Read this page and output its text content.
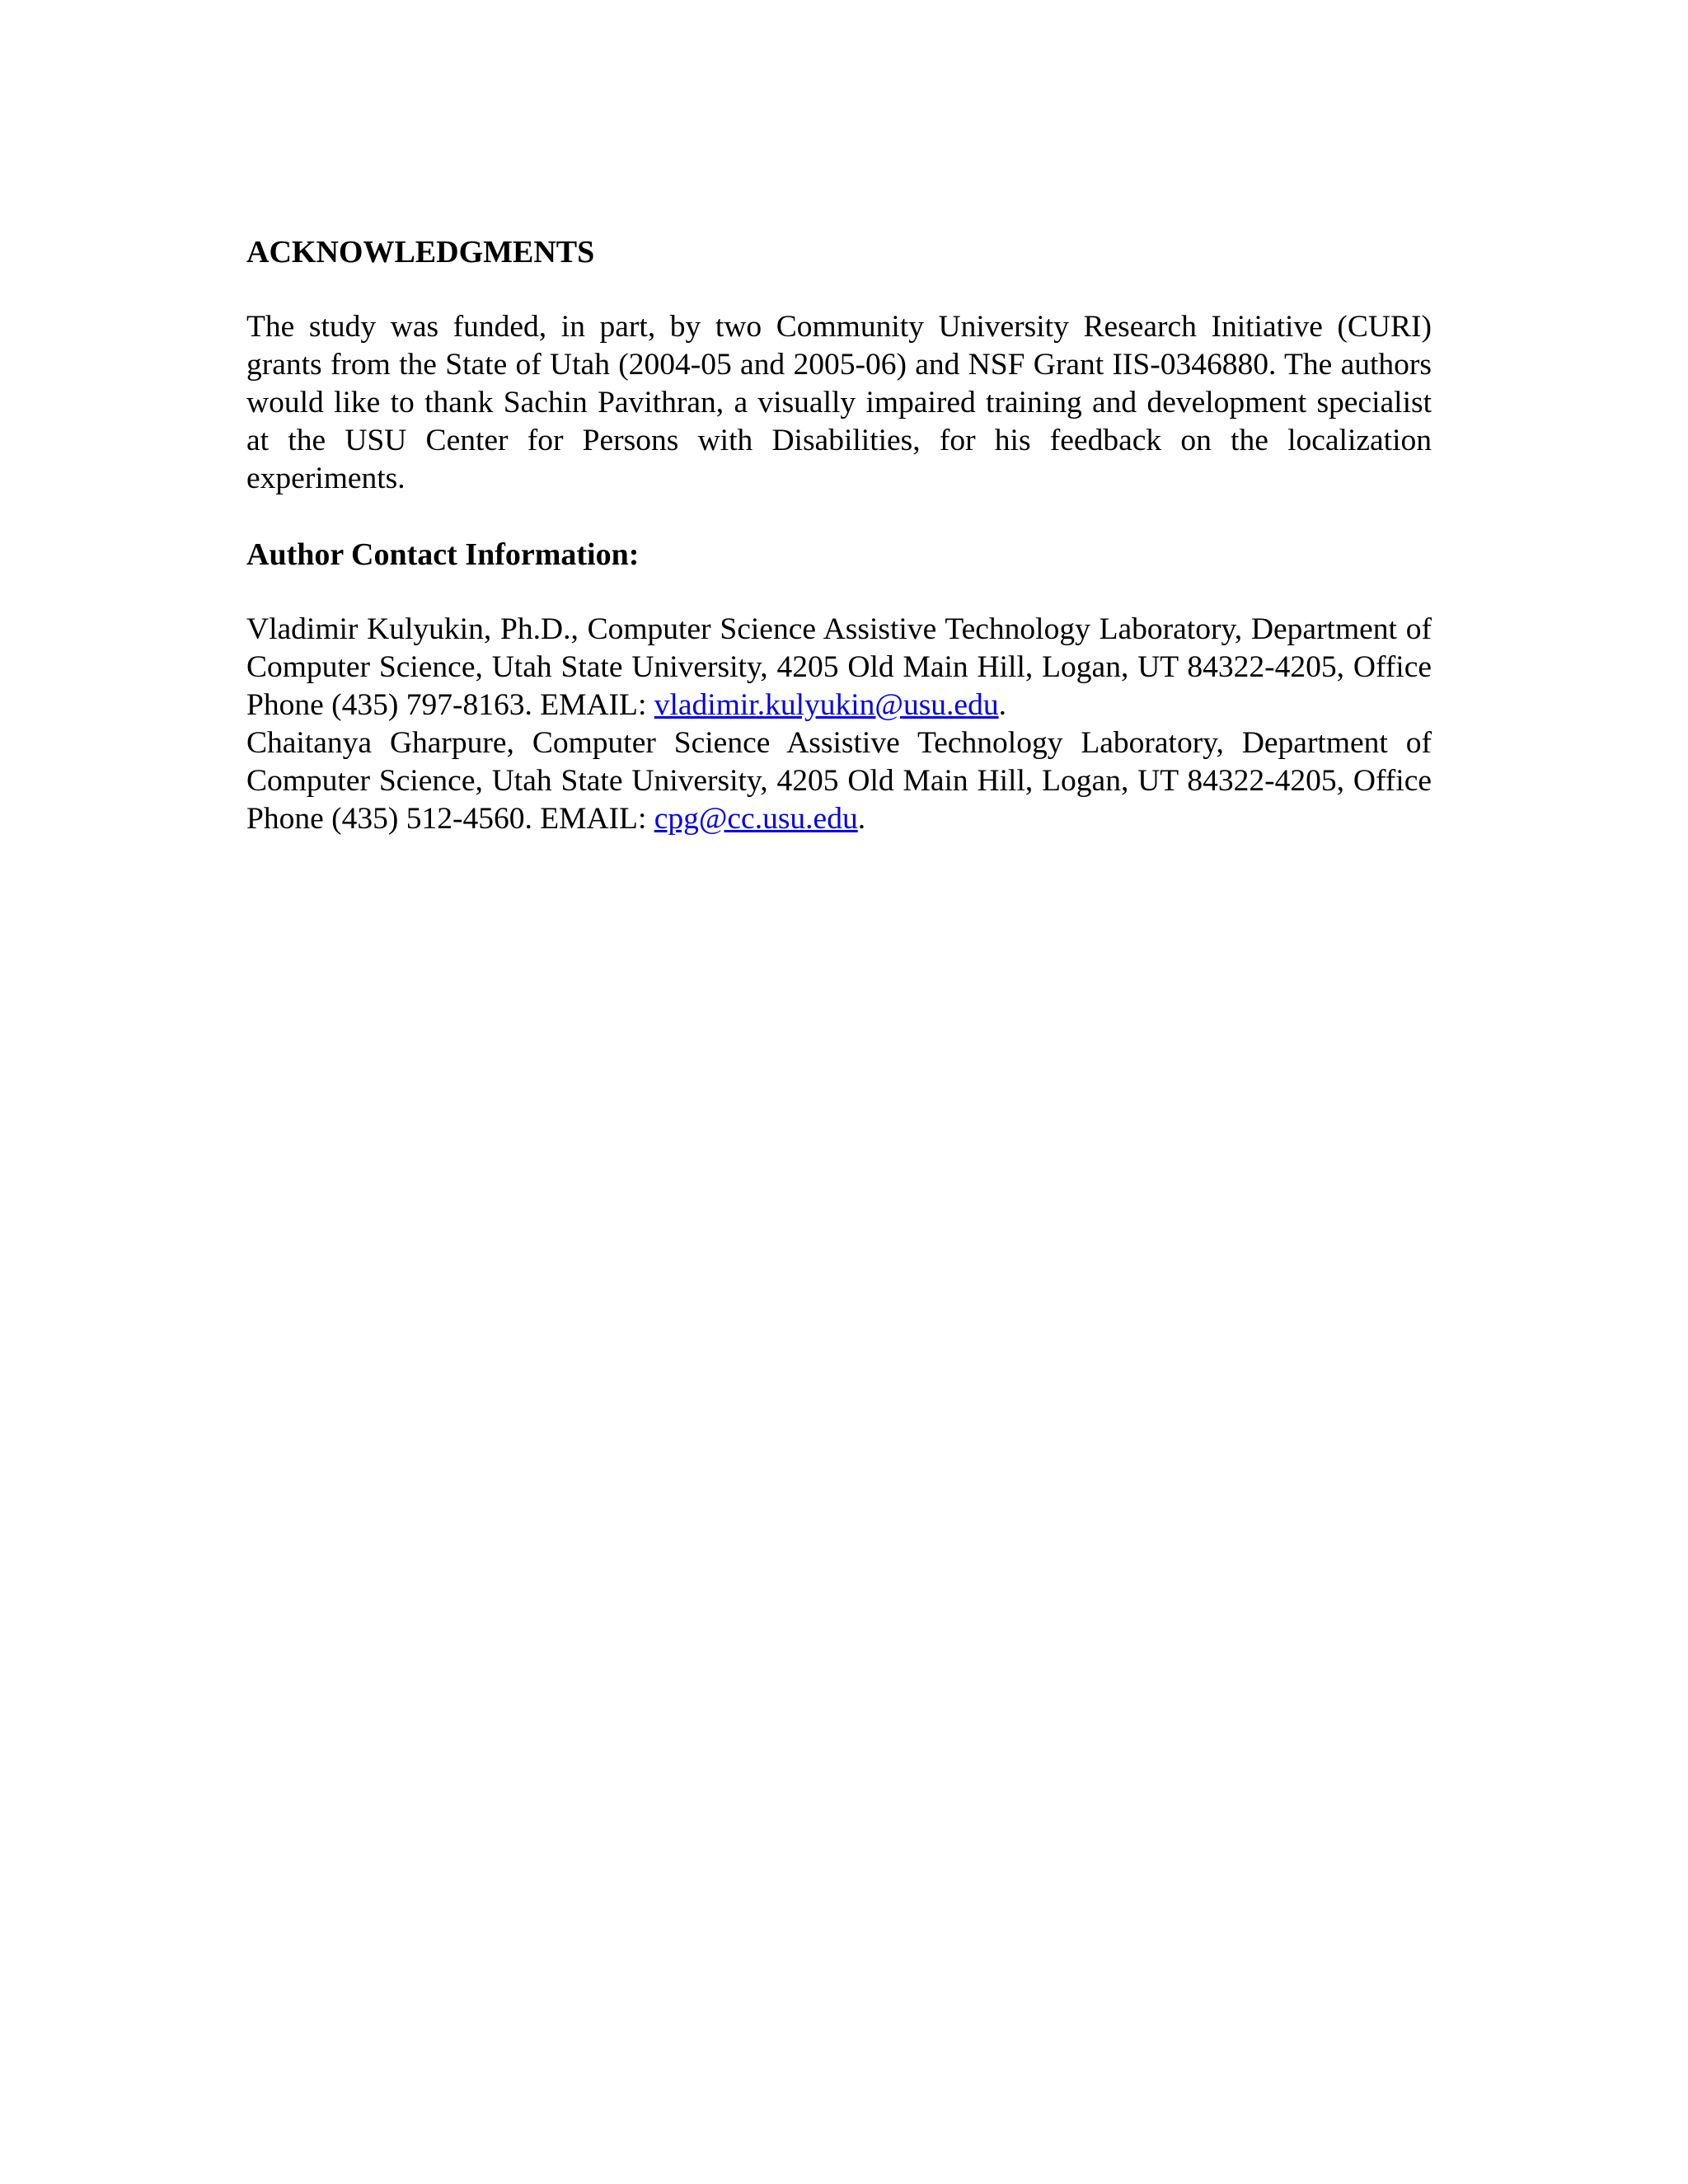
ACKNOWLEDGMENTS

The study was funded, in part, by two Community University Research Initiative (CURI) grants from the State of Utah (2004-05 and 2005-06) and NSF Grant IIS-0346880. The authors would like to thank Sachin Pavithran, a visually impaired training and development specialist at the USU Center for Persons with Disabilities, for his feedback on the localization experiments.

Author Contact Information:

Vladimir Kulyukin, Ph.D., Computer Science Assistive Technology Laboratory, Department of Computer Science, Utah State University, 4205 Old Main Hill, Logan, UT 84322-4205, Office Phone (435) 797-8163. EMAIL: vladimir.kulyukin@usu.edu.

Chaitanya Gharpure, Computer Science Assistive Technology Laboratory, Department of Computer Science, Utah State University, 4205 Old Main Hill, Logan, UT 84322-4205, Office Phone (435) 512-4560. EMAIL: cpg@cc.usu.edu.
